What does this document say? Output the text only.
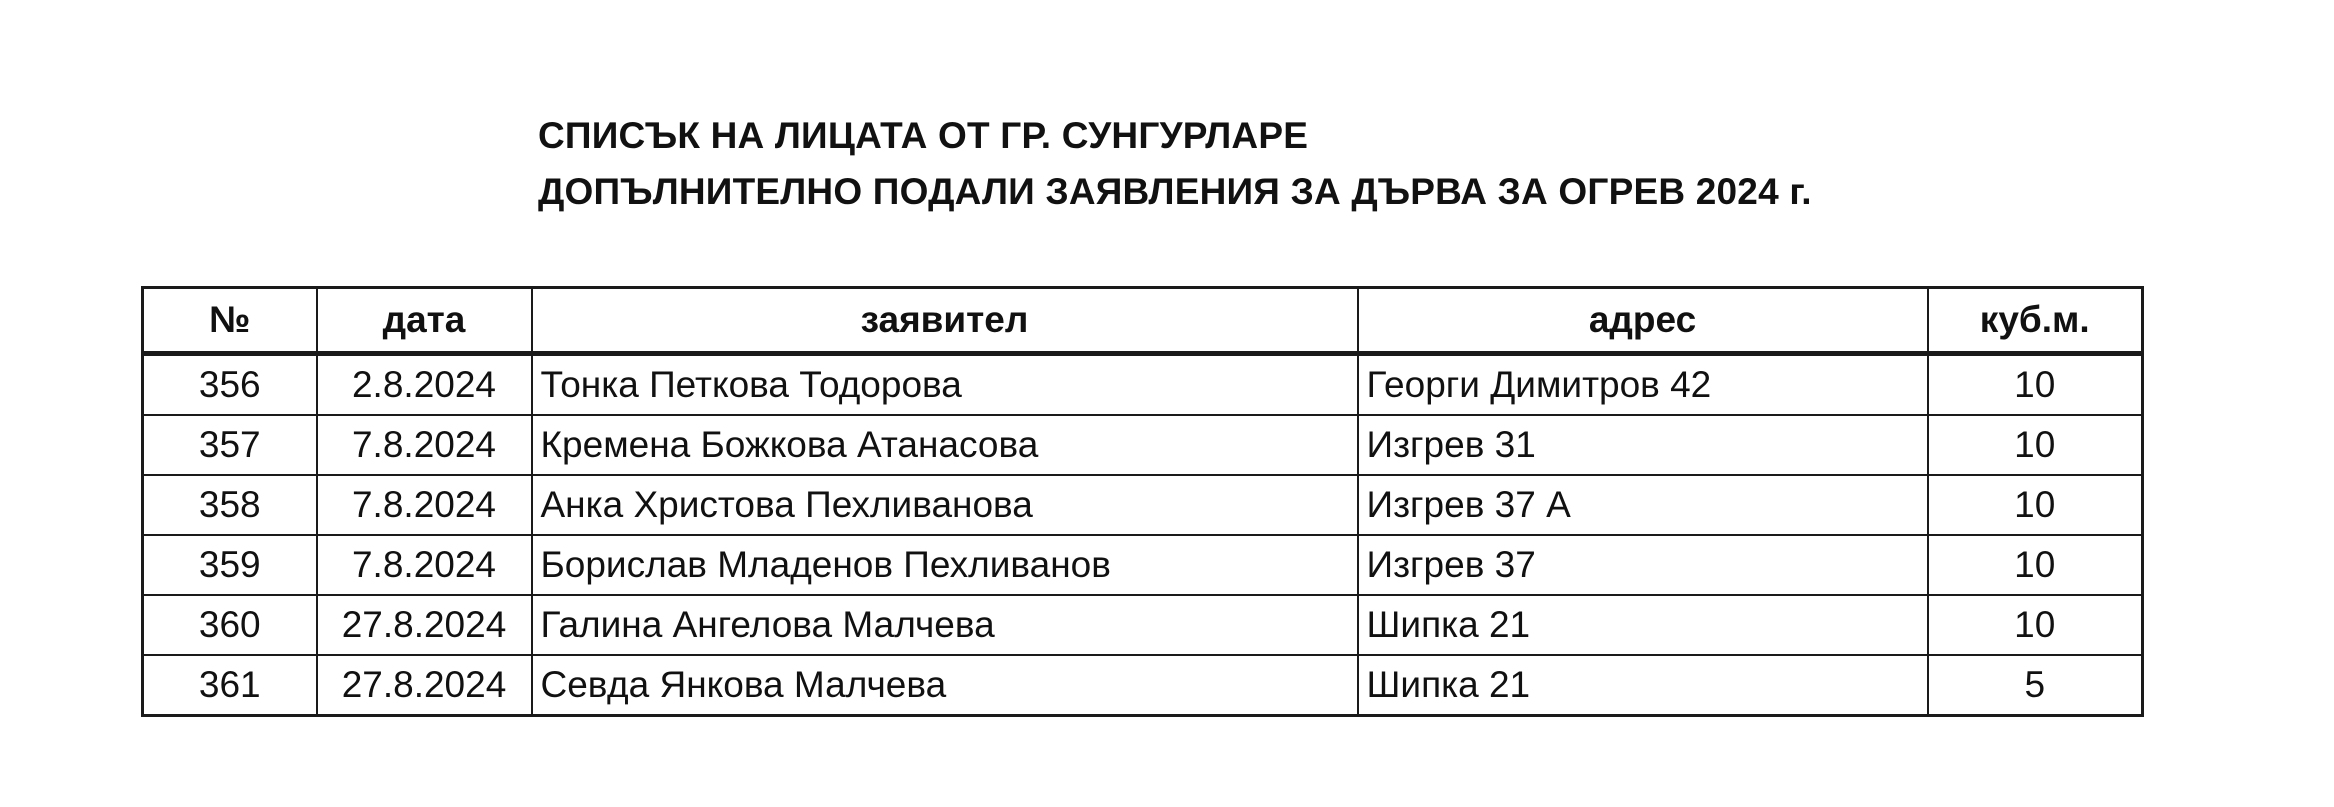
СПИСЪК НА ЛИЦАТА ОТ ГР. СУНГУРЛАРЕ
ДОПЪЛНИТЕЛНО ПОДАЛИ ЗАЯВЛЕНИЯ ЗА ДЪРВА ЗА ОГРЕВ 2024 г.
№	дата	заявител	адрес	куб.м.
356	2.8.2024	Тонка Петкова Тодорова	Георги Димитров 42	10
357	7.8.2024	Кремена Божкова Атанасова	Изгрев 31	10
358	7.8.2024	Анка Христова Пехливанова	Изгрев 37 А	10
359	7.8.2024	Борислав Младенов Пехливанов	Изгрев 37	10
360	27.8.2024	Галина Ангелова Малчева	Шипка 21	10
361	27.8.2024	Севда Янкова Малчева	Шипка 21	5
